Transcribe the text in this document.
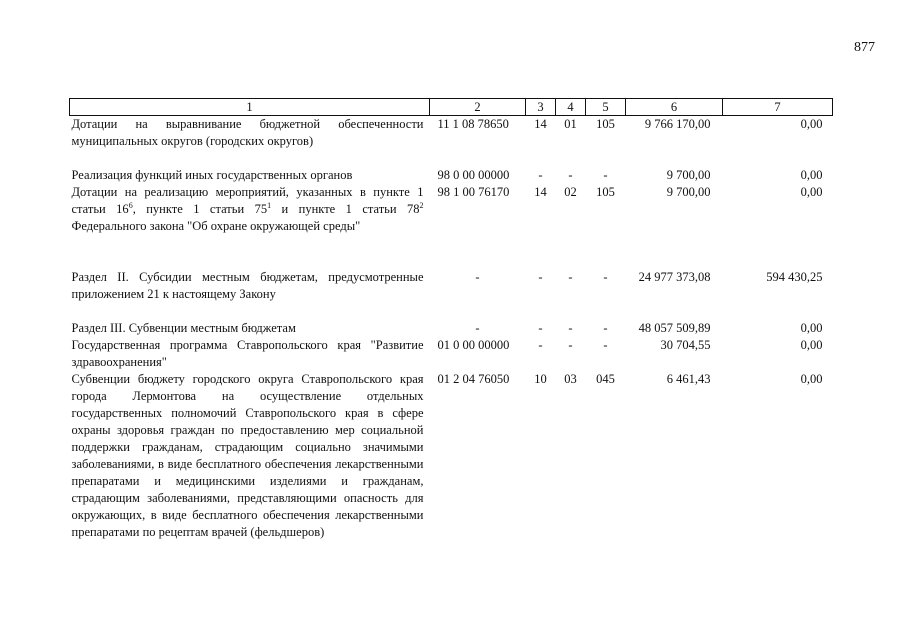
877
1	2	3	4	5	6	7
Дотации на выравнивание бюджетной обеспеченности муниципальных округов (городских округов)	11 1 08 78650	14	01	105	9 766 170,00	0,00

Реализация функций иных государственных органов	98 0 00 00000	-	-	-	9 700,00	0,00
Дотации на реализацию мероприятий, указанных в пункте 1 статьи $16^6$, пункте 1 статьи $75^1$ и пункте 1 статьи $78^2$ Федерального закона "Об охране окружающей среды"	98 1 00 76170	14	02	105	9 700,00	0,00

Раздел II. Субсидии местным бюджетам, предусмотренные приложением 21 к настоящему Закону	-	-	-	-	24 977 373,08	594 430,25

Раздел III. Субвенции местным бюджетам	-	-	-	-	48 057 509,89	0,00
Государственная программа Ставропольского края "Развитие здравоохранения"	01 0 00 00000	-	-	-	30 704,55	0,00
Субвенции бюджету городского округа Ставропольского края города Лермонтова на осуществление отдельных государственных полномочий Ставропольского края в сфере охраны здоровья граждан по предоставлению мер социальной поддержки гражданам, страдающим социально значимыми заболеваниями, в виде бесплатного обеспечения лекарственными препаратами и медицинскими изделиями и гражданам, страдающим заболеваниями, представляющими опасность для окружающих, в виде бесплатного обеспечения лекарственными препаратами по рецептам врачей (фельдшеров)	01 2 04 76050	10	03	045	6 461,43	0,00
